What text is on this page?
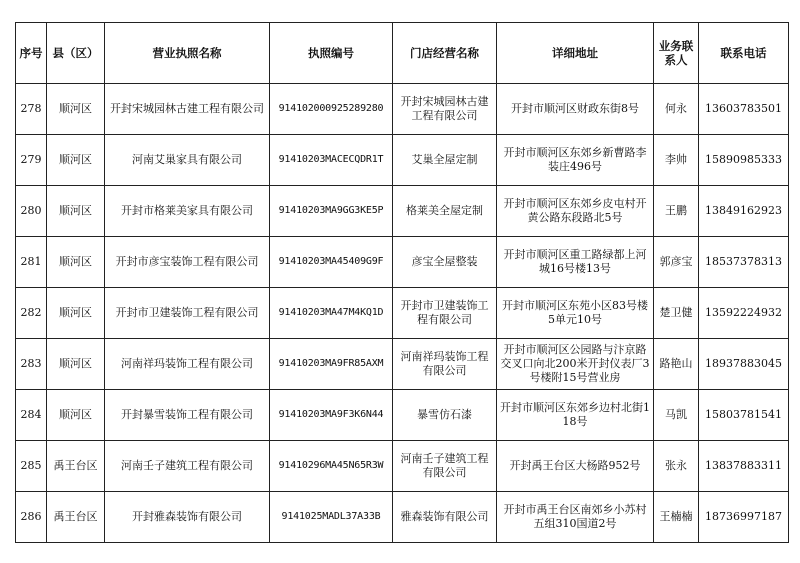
序号	县（区）	营业执照名称	执照编号	门店经营名称	详细地址	业务联系人	联系电话
278	顺河区	开封宋城园林古建工程有限公司	914102000925289280	开封宋城园林古建工程有限公司	开封市顺河区财政东街8号	何永	13603783501
279	顺河区	河南艾巢家具有限公司	91410203MACECQDR1T	艾巢全屋定制	开封市顺河区东郊乡新曹路李装庄496号	李帅	15890985333
280	顺河区	开封市格莱美家具有限公司	91410203MA9GG3KE5P	格莱美全屋定制	开封市顺河区东郊乡皮屯村开黄公路东段路北5号	王鹏	13849162923
281	顺河区	开封市彦宝装饰工程有限公司	91410203MA45409G9F	彦宝全屋整装	开封市顺河区重工路绿都上河城16号楼13号	郭彦宝	18537378313
282	顺河区	开封市卫建装饰工程有限公司	91410203MA47M4KQ1D	开封市卫建装饰工程有限公司	开封市顺河区东苑小区83号楼5单元10号	楚卫健	13592224932
283	顺河区	河南祥玛装饰工程有限公司	91410203MA9FR85AXM	河南祥玛装饰工程有限公司	开封市顺河区公园路与汴京路交叉口向北200米开封仪表厂3号楼附15号营业房	路艳山	18937883045
284	顺河区	开封暴雪装饰工程有限公司	91410203MA9F3K6N44	暴雪仿石漆	开封市顺河区东郊乡边村北街118号	马凯	15803781541
285	禹王台区	河南壬子建筑工程有限公司	91410296MA45N65R3W	河南壬子建筑工程有限公司	开封禹王台区大杨路952号	张永	13837883311
286	禹王台区	开封雅森装饰有限公司	9141025MADL37A33B	雅森装饰有限公司	开封市禹王台区南郊乡小苏村五组310国道2号	王楠楠	18736997187
